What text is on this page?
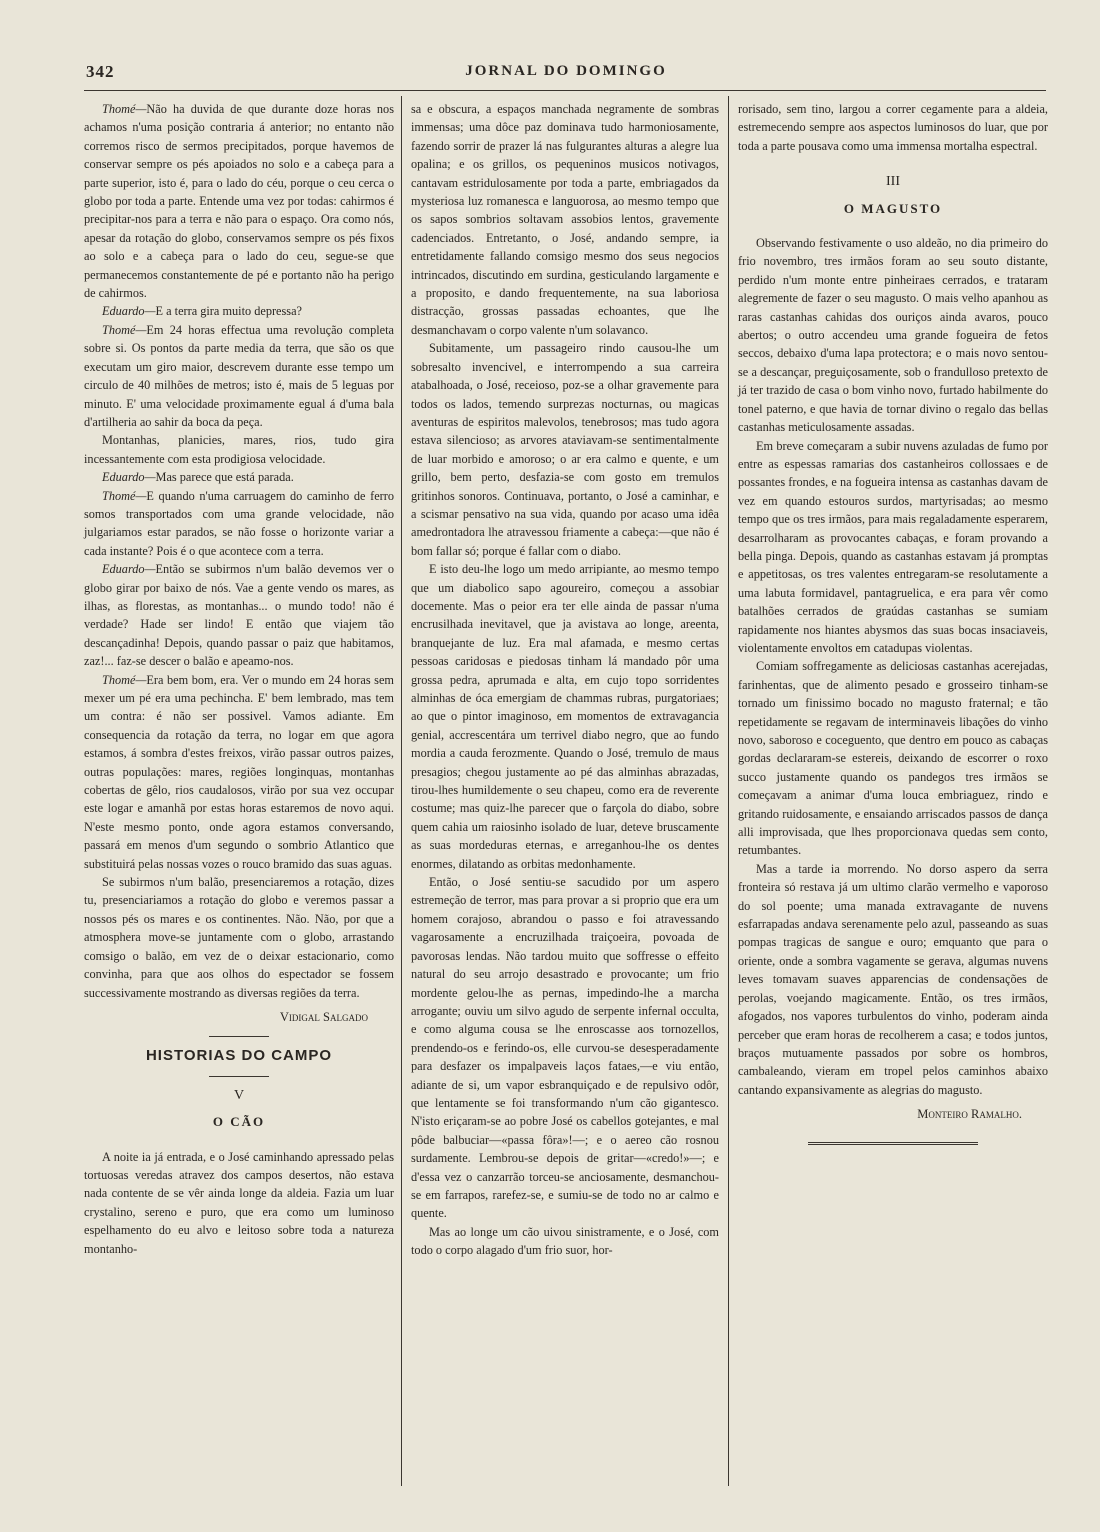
342	JORNAL DO DOMINGO

Thomé—Não ha duvida de que durante doze horas nos achamos n'uma posição contraria á anterior; no entanto não corremos risco de sermos precipitados, porque havemos de conservar sempre os pés apoiados no solo e a cabeça para a parte superior, isto é, para o lado do céu, porque o ceu cerca o globo por toda a parte. Entende uma vez por todas: cahirmos é precipitar-nos para a terra e não para o espaço. Ora como nós, apesar da rotação do globo, conservamos sempre os pés fixos ao solo e a cabeça para o lado do ceu, segue-se que permanecemos constantemente de pé e portanto não ha perigo de cahirmos.

Eduardo—E a terra gira muito depressa?

Thomé—Em 24 horas effectua uma revolução completa sobre si. Os pontos da parte media da terra, que são os que executam um giro maior, descrevem durante esse tempo um circulo de 40 milhões de metros; isto é, mais de 5 leguas por minuto. E' uma velocidade proximamente egual á d'uma bala d'artilheria ao sahir da boca da peça.

Montanhas, planicies, mares, rios, tudo gira incessantemente com esta prodigiosa velocidade.

Eduardo—Mas parece que está parada.

Thomé—E quando n'uma carruagem do caminho de ferro somos transportados com uma grande velocidade, não julgariamos estar parados, se não fosse o horizonte variar a cada instante? Pois é o que acontece com a terra.

Eduardo—Então se subirmos n'um balão devemos ver o globo girar por baixo de nós. Vae a gente vendo os mares, as ilhas, as florestas, as montanhas... o mundo todo! não é verdade? Hade ser lindo! E então que viajem tão descançadinha! Depois, quando passar o paiz que habitamos, zaz!... faz-se descer o balão e apeamo-nos.

Thomé—Era bem bom, era. Ver o mundo em 24 horas sem mexer um pé era uma pechincha. E' bem lembrado, mas tem um contra: é não ser possivel. Vamos adiante. Em consequencia da rotação da terra, no logar em que agora estamos, á sombra d'estes freixos, virão passar outros paizes, outras populações: mares, regiões longinquas, montanhas cobertas de gêlo, rios caudalosos, virão por sua vez occupar este logar e amanhã por estas horas estaremos de novo aqui. N'este mesmo ponto, onde agora estamos conversando, passará em menos d'um segundo o sombrio Atlantico que substituirá pelas nossas vozes o rouco bramido das suas aguas.

Se subirmos n'um balão, presenciaremos a rotação, dizes tu, presenciariamos a rotação do globo e veremos passar a nossos pés os mares e os continentes. Não. Não, por que a atmosphera move-se juntamente com o globo, arrastando comsigo o balão, em vez de o deixar estacionario, como convinha, para que aos olhos do espectador se fossem successivamente mostrando as diversas regiões da terra.

Vidigal Salgado

HISTORIAS DO CAMPO

V

O CÃO

A noite ia já entrada, e o José caminhando apressado pelas tortuosas veredas atravez dos campos desertos, não estava nada contente de se vêr ainda longe da aldeia. Fazia um luar crystalino, sereno e puro, que era como um luminoso espelhamento do eu alvo e leitoso sobre toda a natureza montanho-

sa e obscura, a espaços manchada negramente de sombras immensas; uma dôce paz dominava tudo harmoniosamente, fazendo sorrir de prazer lá nas fulgurantes alturas a alegre lua opalina; e os grillos, os pequeninos musicos notivagos, cantavam estridulosamente por toda a parte, embriagados da mysteriosa luz romanesca e languorosa, ao mesmo tempo que os sapos sombrios soltavam assobios lentos, gravemente cadenciados. Entretanto, o José, andando sempre, ia entretidamente fallando comsigo mesmo dos seus negocios intrincados, discutindo em surdina, gesticulando largamente e a proposito, e dando frequentemente, na sua laboriosa distracção, grossas passadas echoantes, que lhe desmanchavam o corpo valente n'um solavanco.

Subitamente, um passageiro rindo causou-lhe um sobresalto invencivel, e interrompendo a sua carreira atabalhoada, o José, receioso, poz-se a olhar gravemente para todos os lados, temendo surprezas nocturnas, ou magicas aventuras de espiritos malevolos, tenebrosos; mas tudo agora estava silencioso; as arvores ataviavam-se sentimentalmente de luar morbido e amoroso; o ar era calmo e quente, e um grillo, bem perto, desfazia-se com gosto em tremulos gritinhos sonoros. Continuava, portanto, o José a caminhar, e a scismar pensativo na sua vida, quando por acaso uma idêa amedrontadora lhe atravessou friamente a cabeça:—que não é bom fallar só; porque é fallar com o diabo.

E isto deu-lhe logo um medo arripiante, ao mesmo tempo que um diabolico sapo agoureiro, começou a assobiar docemente. Mas o peior era ter elle ainda de passar n'uma encrusilhada inevitavel, que ja avistava ao longe, areenta, branquejante de luz. Era mal afamada, e mesmo certas pessoas caridosas e piedosas tinham lá mandado pôr uma grossa pedra, aprumada e alta, em cujo topo sorridentes alminhas de óca emergiam de chammas rubras, purgatoriaes; ao que o pintor imaginoso, em momentos de extravagancia genial, accrescentára um terrivel diabo negro, que ao fundo mordia a cauda ferozmente. Quando o José, tremulo de maus presagios; chegou justamente ao pé das alminhas abrazadas, tirou-lhes humildemente o seu chapeu, como era de reverente costume; mas quiz-lhe parecer que o farçola do diabo, sobre quem cahia um raiosinho isolado de luar, deteve bruscamente as suas mordeduras eternas, e arreganhou-lhe os dentes enormes, dilatando as orbitas medonhamente.

Então, o José sentiu-se sacudido por um aspero estremeção de terror, mas para provar a si proprio que era um homem corajoso, abrandou o passo e foi atravessando vagarosamente a encruzilhada traiçoeira, povoada de pavorosas lendas. Não tardou muito que soffresse o effeito natural do seu arrojo desastrado e provocante; um frio mordente gelou-lhe as pernas, impedindo-lhe a marcha arrogante; ouviu um silvo agudo de serpente infernal occulta, e como alguma cousa se lhe enroscasse aos tornozellos, prendendo-os e ferindo-os, elle curvou-se desesperadamente para desfazer os impalpaveis laços fataes,—e viu então, adiante de si, um vapor esbranquiçado e de repulsivo odôr, que lentamente se foi transformando n'um cão gigantesco. N'isto eriçaram-se ao pobre José os cabellos gotejantes, e mal pôde balbuciar—«passa fôra»!—; e o aereo cão rosnou surdamente. Lembrou-se depois de gritar—«credo!»—; e d'essa vez o canzarrão torceu-se anciosamente, desmanchou-se em farrapos, rarefez-se, e sumiu-se de todo no ar calmo e quente.

Mas ao longe um cão uivou sinistramente, e o José, com todo o corpo alagado d'um frio suor, hor-

rorisado, sem tino, largou a correr cegamente para a aldeia, estremecendo sempre aos aspectos luminosos do luar, que por toda a parte pousava como uma immensa mortalha espectral.

III

O MAGUSTO

Observando festivamente o uso aldeão, no dia primeiro do frio novembro, tres irmãos foram ao seu souto distante, perdido n'um monte entre pinheiraes cerrados, e trataram alegremente de fazer o seu magusto. O mais velho apanhou as raras castanhas cahidas dos ouriços ainda avaros, pouco abertos; o outro accendeu uma grande fogueira de fetos seccos, debaixo d'uma lapa protectora; e o mais novo sentou-se a descançar, preguiçosamente, sob o frandulloso pretexto de já ter trazido de casa o bom vinho novo, furtado habilmente do tonel paterno, e que havia de tornar divino o regalo das bellas castanhas meticulosamente assadas.

Em breve começaram a subir nuvens azuladas de fumo por entre as espessas ramarias dos castanheiros collossaes e de possantes frondes, e na fogueira intensa as castanhas davam de vez em quando estouros surdos, martyrisadas; ao mesmo tempo que os tres irmãos, para mais regaladamente esperarem, desarrolharam as provocantes cabaças, e foram provando a bella pinga. Depois, quando as castanhas estavam já promptas e appetitosas, os tres valentes entregaram-se resolutamente a uma labuta formidavel, pantagruelica, e era para vêr como batalhões cerrados de graúdas castanhas se sumiam rapidamente nos hiantes abysmos das suas bocas insaciaveis, violentamente envoltos em catadupas violentas.

Comiam soffregamente as deliciosas castanhas acerejadas, farinhentas, que de alimento pesado e grosseiro tinham-se tornado um finissimo bocado no magusto fraternal; e tão repetidamente se regavam de interminaveis libações do vinho novo, saboroso e coceguento, que dentro em pouco as cabaças gordas declararam-se estereis, deixando de escorrer o roxo succo justamente quando os pandegos tres irmãos se começavam a animar d'uma louca embriaguez, rindo e gritando ruidosamente, e ensaiando arriscados passos de dança alli improvisada, que lhes proporcionava quedas sem conto, retumbantes.

Mas a tarde ia morrendo. No dorso aspero da serra fronteira só restava já um ultimo clarão vermelho e vaporoso do sol poente; uma manada extravagante de nuvens esfarrapadas andava serenamente pelo azul, passeando as suas pompas tragicas de sangue e ouro; emquanto que para o oriente, onde a sombra vagamente se gerava, algumas nuvens leves tomavam suaves apparencias de condensações de perolas, voejando magicamente. Então, os tres irmãos, afogados, nos vapores turbulentos do vinho, poderam ainda perceber que eram horas de recolherem a casa; e todos juntos, braços mutuamente passados por sobre os hombros, cambaleando, vieram em tropel pelos caminhos abaixo cantando expansivamente as alegrias do magusto.

Monteiro Ramalho.
